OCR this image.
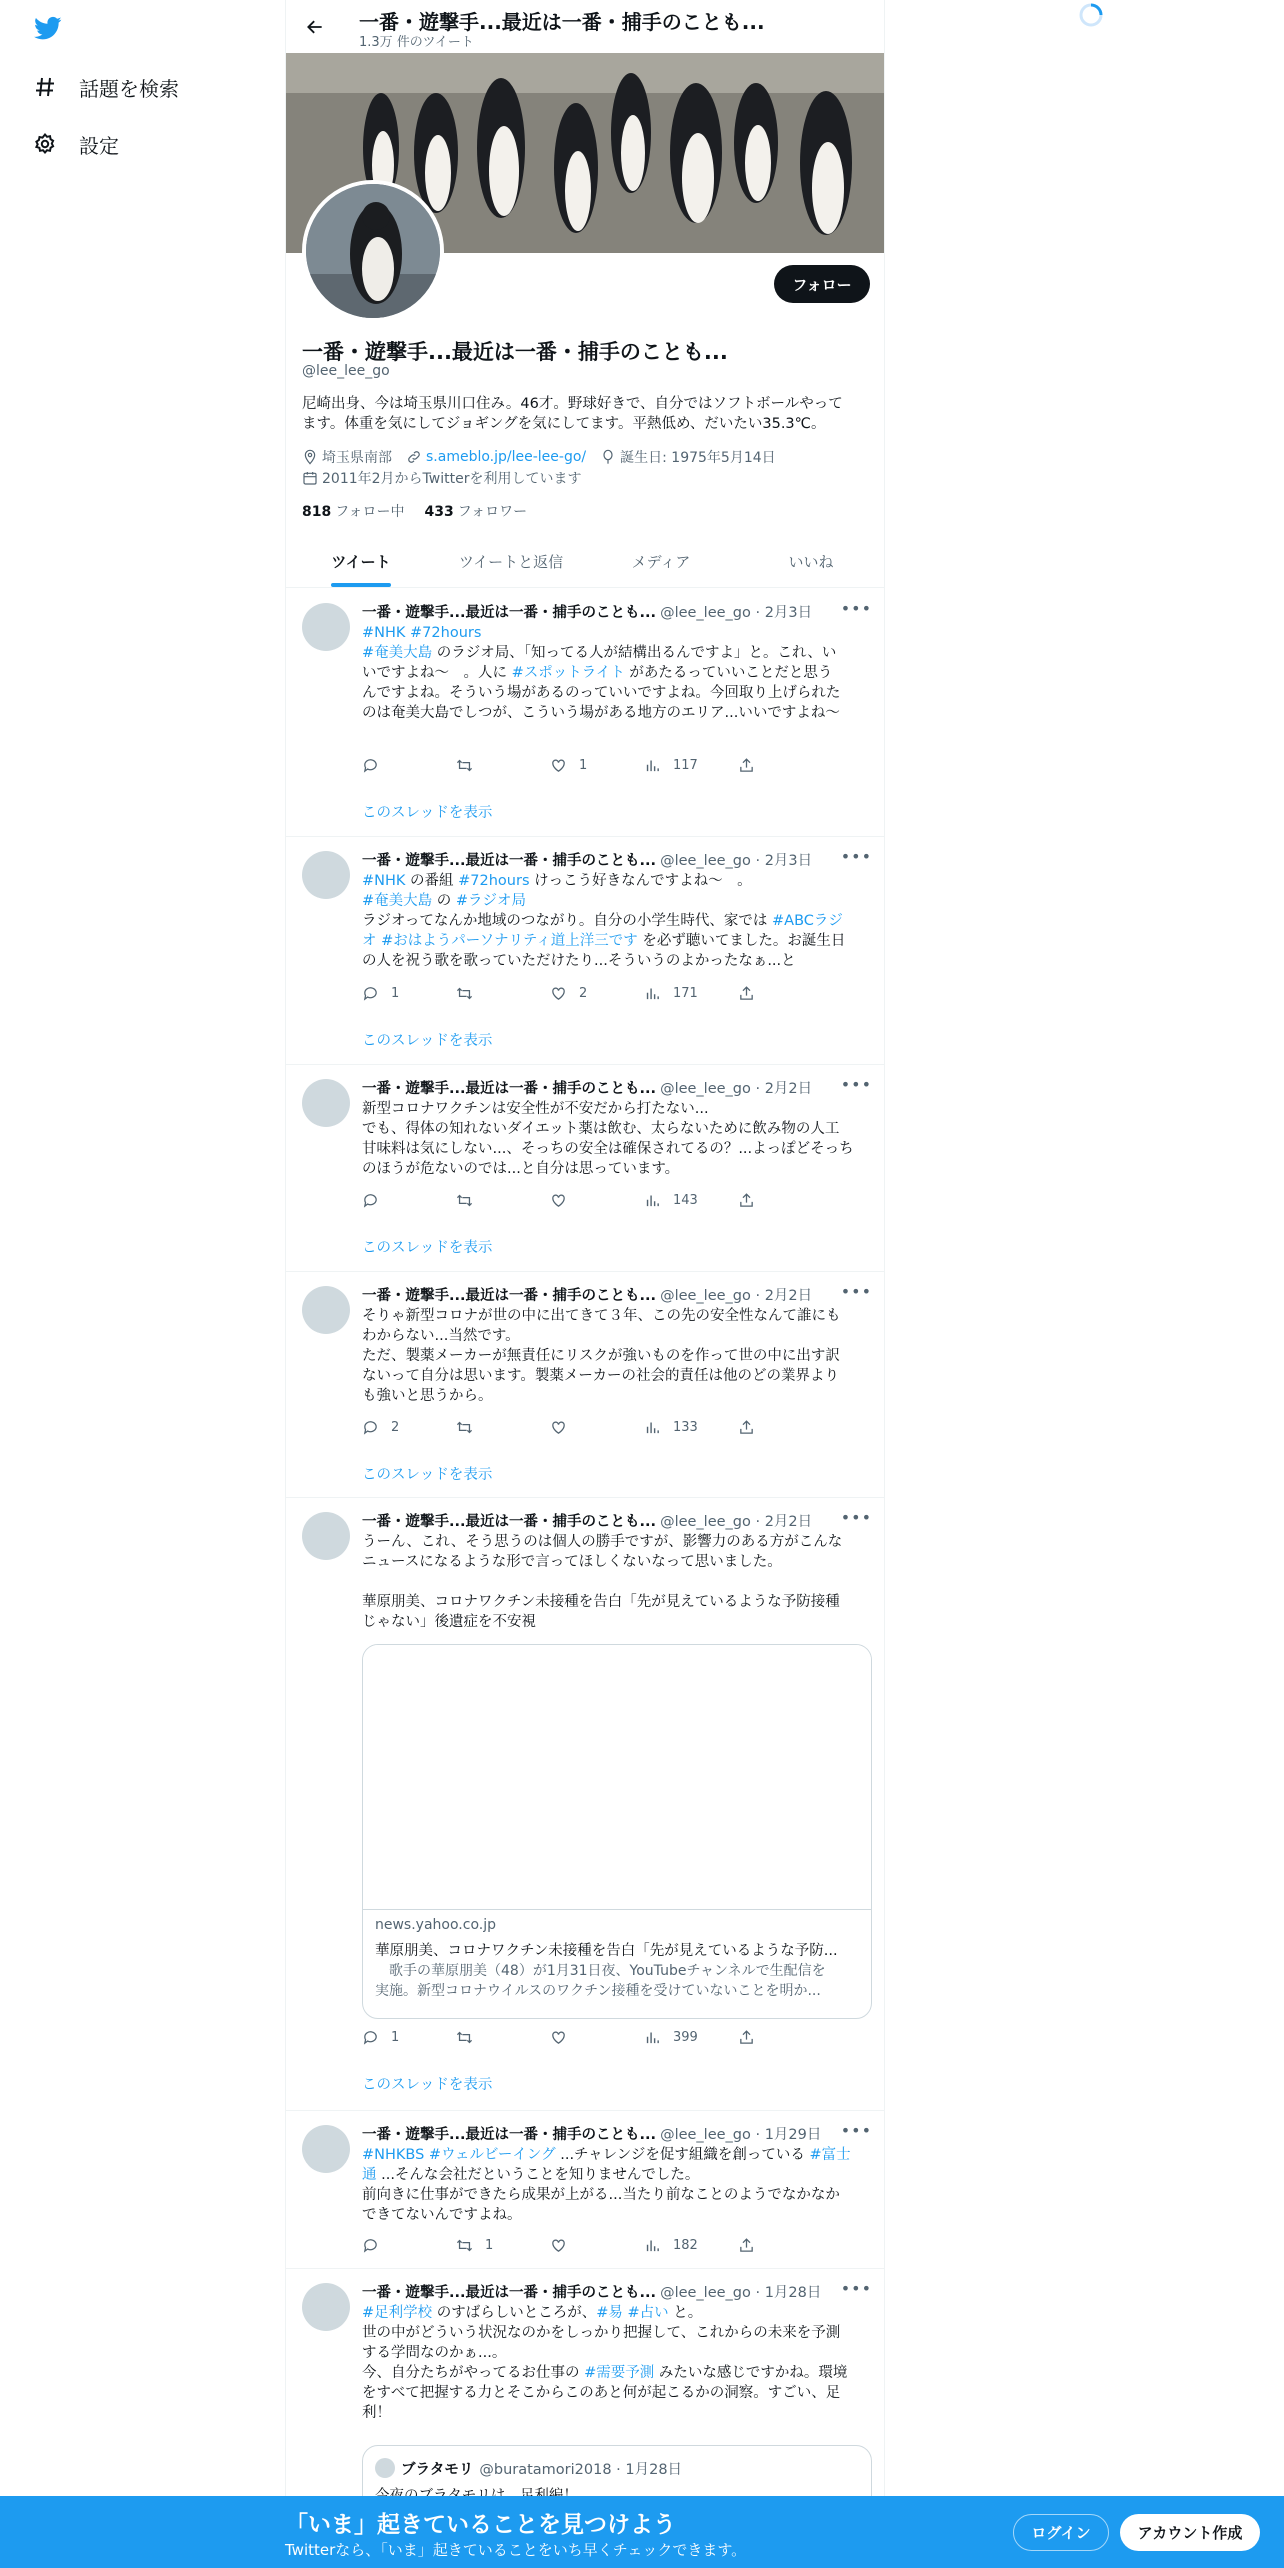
話題を検索
設定
一番・遊撃手...最近は一番・捕手のことも...
1.3万 件のツイート
フォロー
一番・遊撃手...最近は一番・捕手のことも...
@lee_lee_go
尼崎出身、今は埼玉県川口住み。46才。野球好きで、自分ではソフトボールやって
ます。体重を気にしてジョギングを気にしてます。平熱低め、だいたい35.3℃。
埼玉県南部 s.ameblo.jp/lee-lee-go/ 誕生日: 1975年5月14日
2011年2月からTwitterを利用しています
818 フォロー中 433 フォロワー
ツイート	ツイートと返信	メディア	いいね
一番・遊撃手...最近は一番・捕手のことも... @lee_lee_go · 2月3日 •••
#NHK #72hours
#奄美大島 のラジオ局、「知ってる人が結構出るんですよ」と。これ、い
いですよね～　。人に #スポットライト があたるっていいことだと思う
んですよね。そういう場があるのっていいですよね。今回取り上げられた
のは奄美大島でしつが、こういう場がある地方のエリア...いいですよね～
1	117
このスレッドを表示
一番・遊撃手...最近は一番・捕手のことも... @lee_lee_go · 2月3日 •••
#NHK の番組 #72hours けっこう好きなんですよね～　。
#奄美大島 の #ラジオ局
ラジオってなんか地域のつながり。自分の小学生時代、家では #ABCラジ
オ #おはようパーソナリティ道上洋三です を必ず聴いてました。お誕生日
の人を祝う歌を歌っていただけたり...そういうのよかったなぁ...と
1	2	171
このスレッドを表示
一番・遊撃手...最近は一番・捕手のことも... @lee_lee_go · 2月2日 •••
新型コロナワクチンは安全性が不安だから打たない...
でも、得体の知れないダイエット薬は飲む、太らないために飲み物の人工
甘味料は気にしない...、そっちの安全は確保されてるの？...よっぽどそっち
のほうが危ないのでは...と自分は思っています。
143
このスレッドを表示
一番・遊撃手...最近は一番・捕手のことも... @lee_lee_go · 2月2日 •••
そりゃ新型コロナが世の中に出てきて３年、この先の安全性なんて誰にも
わからない...当然です。
ただ、製薬メーカーが無責任にリスクが強いものを作って世の中に出す訳
ないって自分は思います。製薬メーカーの社会的責任は他のどの業界より
も強いと思うから。
2	133
このスレッドを表示
一番・遊撃手...最近は一番・捕手のことも... @lee_lee_go · 2月2日 •••
うーん、これ、そう思うのは個人の勝手ですが、影響力のある方がこんな
ニュースになるような形で言ってほしくないなって思いました。
華原朋美、コロナワクチン未接種を告白「先が見えているような予防接種
じゃない」後遺症を不安視
news.yahoo.co.jp
華原朋美、コロナワクチン未接種を告白「先が見えているような予防...
　歌手の華原朋美（48）が1月31日夜、YouTubeチャンネルで生配信を
実施。新型コロナウイルスのワクチン接種を受けていないことを明か...
1	399
このスレッドを表示
一番・遊撃手...最近は一番・捕手のことも... @lee_lee_go · 1月29日 •••
#NHKBS #ウェルビーイング ...チャレンジを促す組織を創っている #富士
通 ...そんな会社だということを知りませんでした。
前向きに仕事ができたら成果が上がる...当たり前なことのようでなかなか
できてないんですよね。
1	182
一番・遊撃手...最近は一番・捕手のことも... @lee_lee_go · 1月28日 •••
#足利学校 のすばらしいところが、#易 #占い と。
世の中がどういう状況なのかをしっかり把握して、これからの未来を予測
する学問なのかぁ...。
今、自分たちがやってるお仕事の #需要予測 みたいな感じですかね。環境
をすべて把握する力とそこからこのあと何が起こるかの洞察。すごい、足
利！
ブラタモリ @buratamori2018 · 1月28日
「いま」起きていることを見つけよう
Twitterなら、「いま」起きていることをいち早くチェックできます。
ログイン	アカウント作成
